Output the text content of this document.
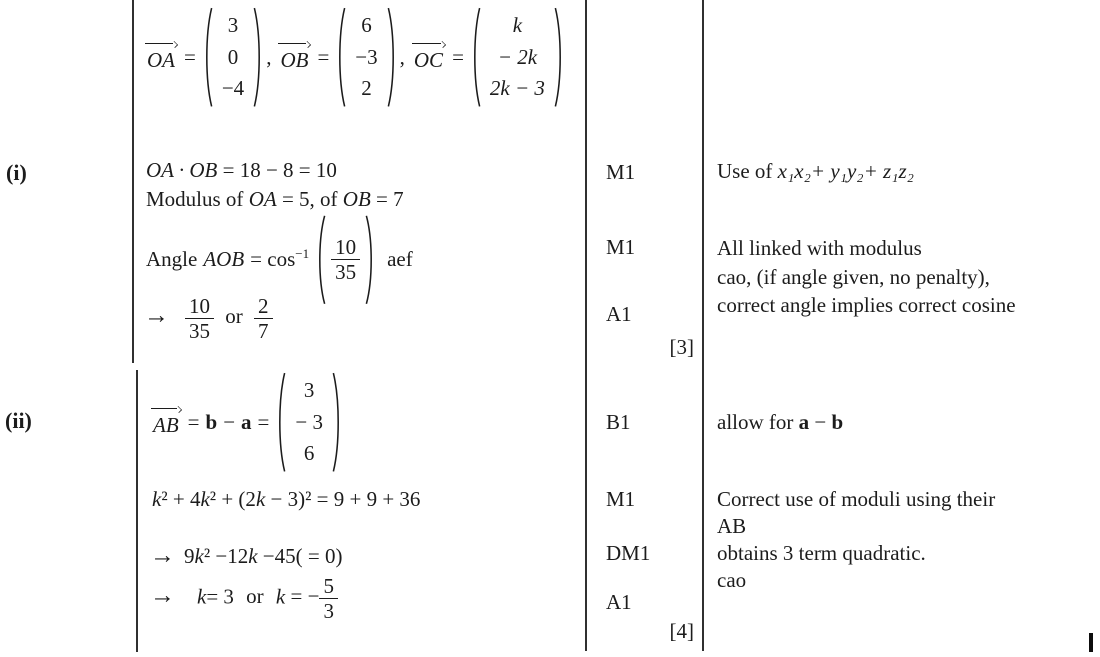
OA =
3
0
−4
, OB =
6
−3
2
, OC =
k
− 2k
2k − 3
(i)	OA · OB = 18 − 8 = 10
Modulus of OA = 5, of OB = 7
Angle AOB = $\cos^{-1} \frac{10}{35}$ aef
→ $\frac{10}{35}$ or $\frac{2}{7}$
(ii)	AB = b − a =
3
− 3
6
k² + 4k² + (2k − 3)² = 9 + 9 + 36
→ 9k² −12k −45( = 0)
→ k= 3 or k = − $\frac{5}{3}$
M1
M1
A1
[3]
B1
M1
DM1
A1
[4]
Use of x₁x₂+ y₁y₂+ z₁z₂
All linked with modulus
cao, (if angle given, no penalty),
correct angle implies correct cosine
allow for a − b
Correct use of moduli using their
AB
obtains 3 term quadratic.
cao
